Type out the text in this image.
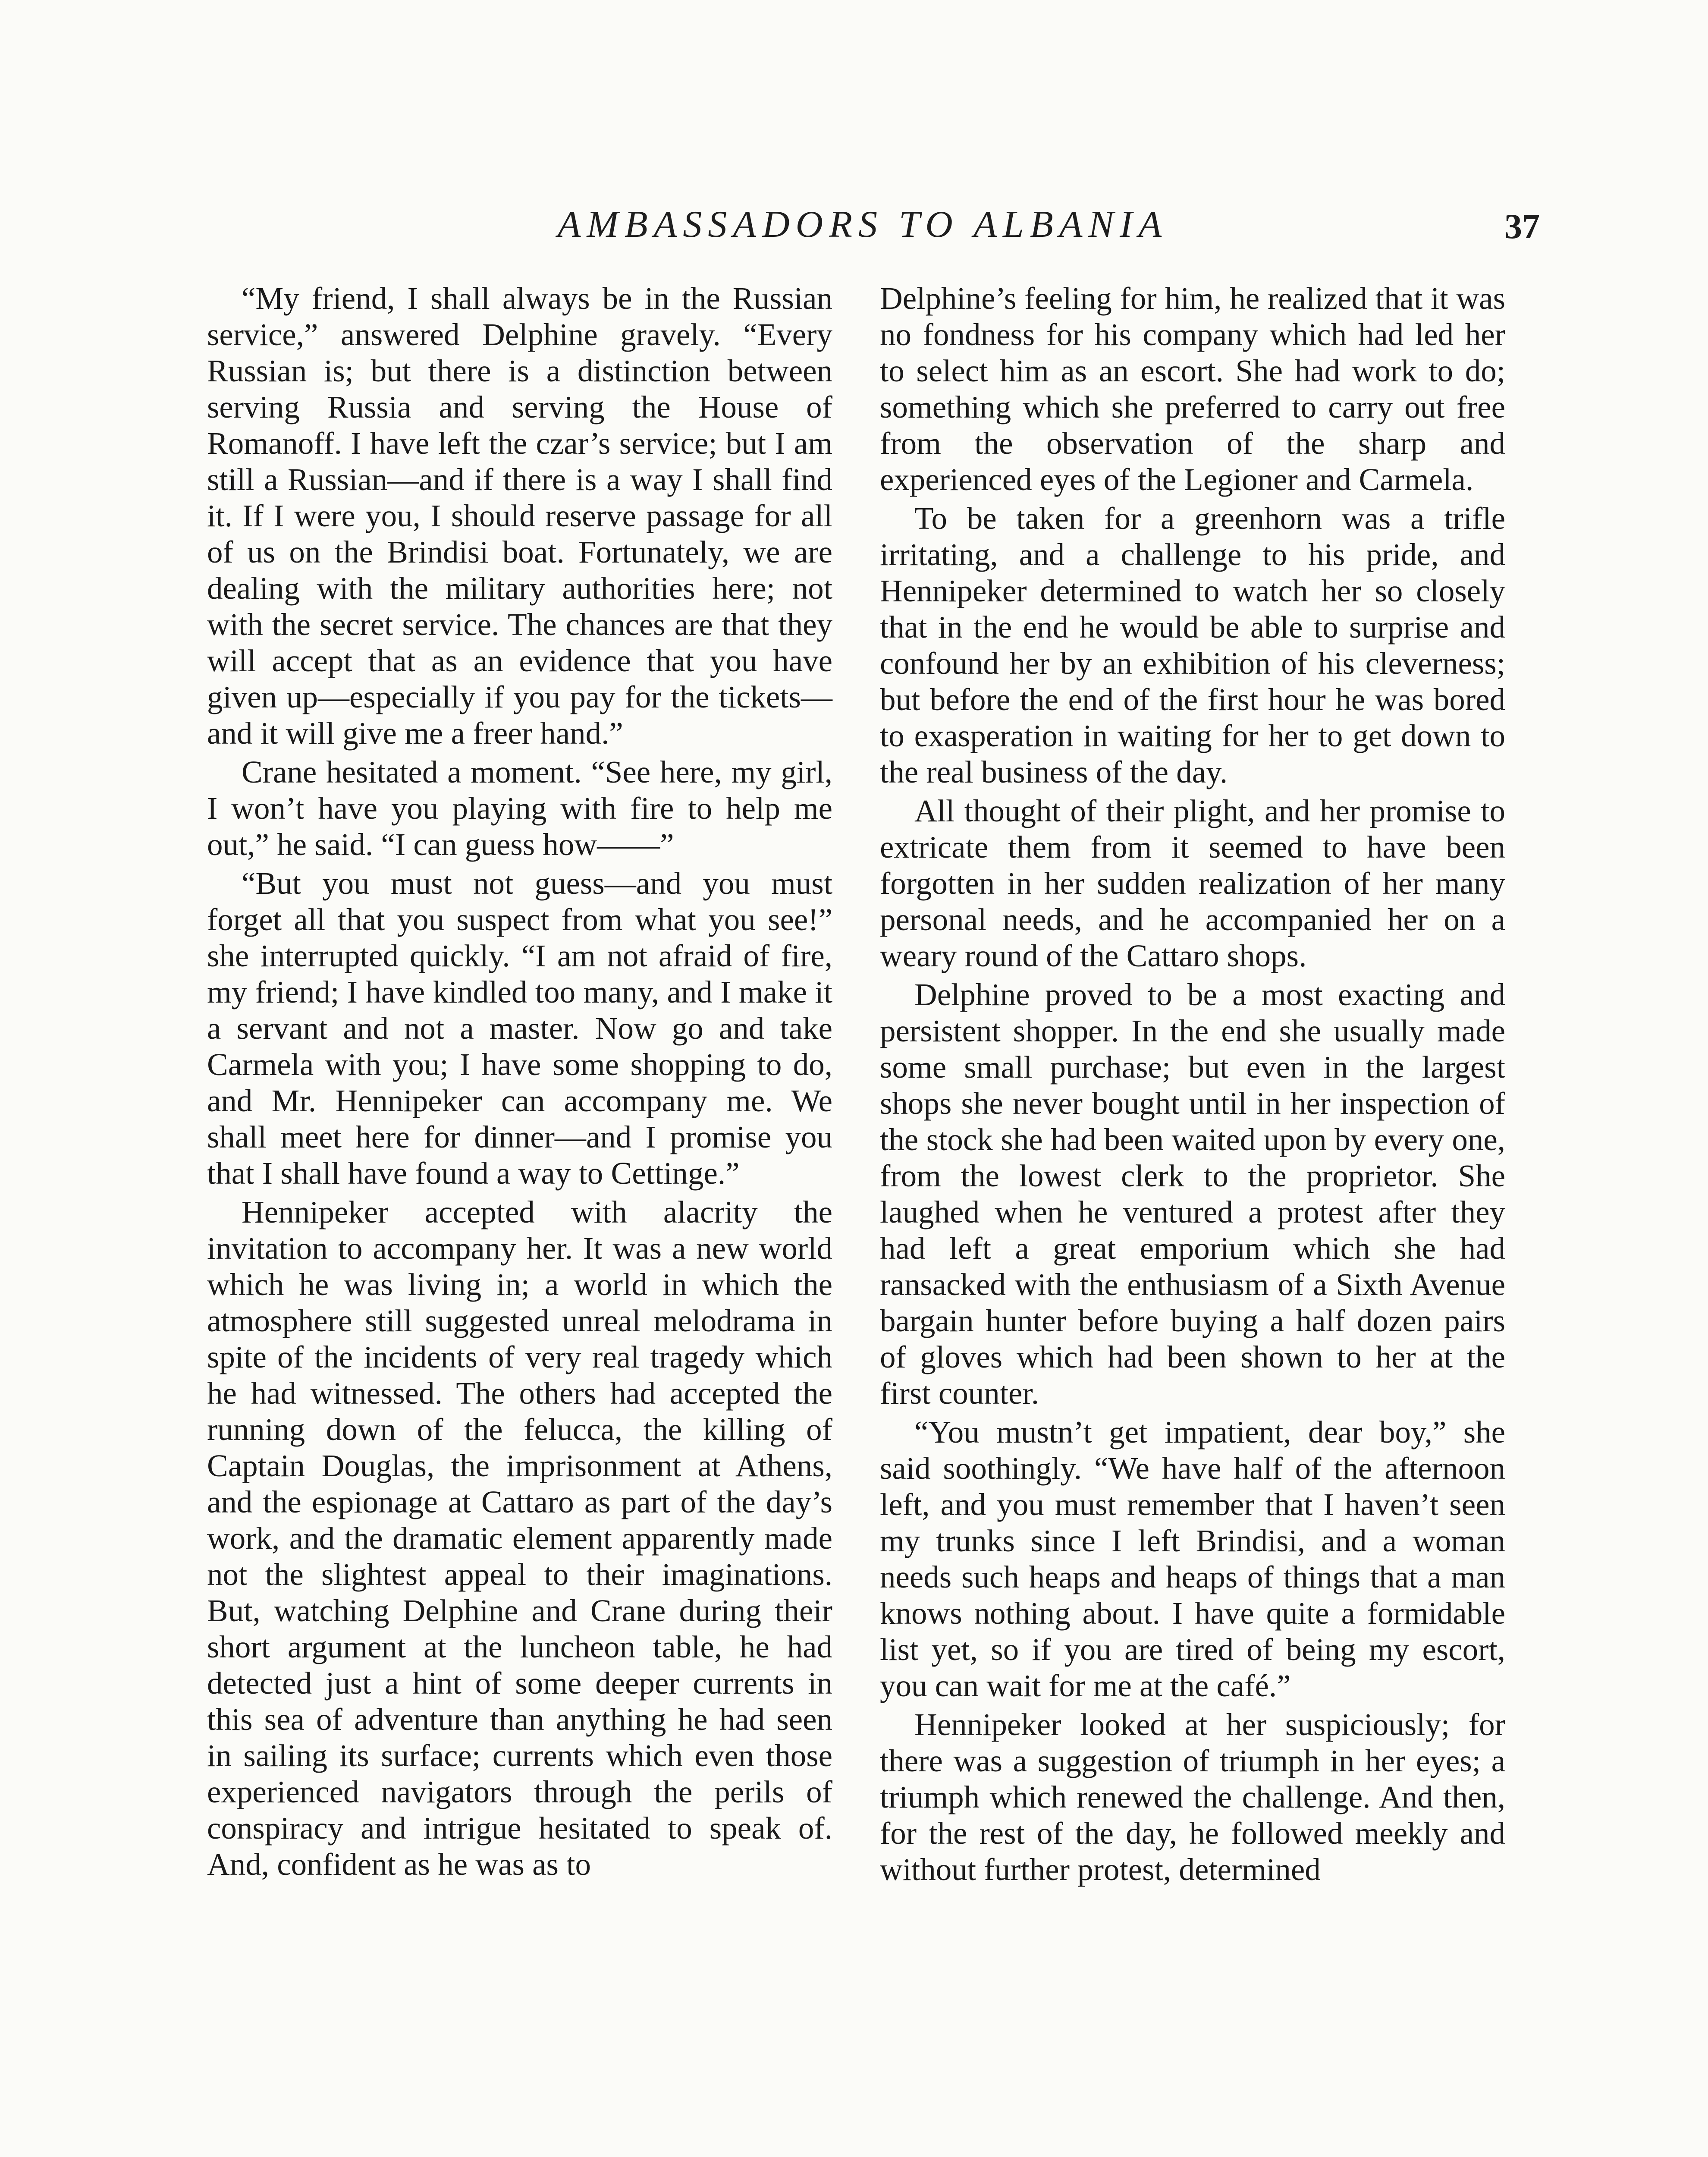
AMBASSADORS TO ALBANIA	37

“My friend, I shall always be in the Russian service,” answered Delphine gravely. “Every Russian is; but there is a distinction between serving Russia and serving the House of Romanoff. I have left the czar’s service; but I am still a Russian—and if there is a way I shall find it. If I were you, I should reserve passage for all of us on the Brindisi boat. Fortunately, we are dealing with the military authorities here; not with the secret service. The chances are that they will accept that as an evidence that you have given up—especially if you pay for the tickets—and it will give me a freer hand.”

Crane hesitated a moment. “See here, my girl, I won’t have you playing with fire to help me out,” he said. “I can guess how——”

“But you must not guess—and you must forget all that you suspect from what you see!” she interrupted quickly. “I am not afraid of fire, my friend; I have kindled too many, and I make it a servant and not a master. Now go and take Carmela with you; I have some shopping to do, and Mr. Hennipeker can accompany me. We shall meet here for dinner—and I promise you that I shall have found a way to Cettinge.”

Hennipeker accepted with alacrity the invitation to accompany her. It was a new world which he was living in; a world in which the atmosphere still suggested unreal melodrama in spite of the incidents of very real tragedy which he had witnessed. The others had accepted the running down of the felucca, the killing of Captain Douglas, the imprisonment at Athens, and the espionage at Cattaro as part of the day’s work, and the dramatic element apparently made not the slightest appeal to their imaginations. But, watching Delphine and Crane during their short argument at the luncheon table, he had detected just a hint of some deeper currents in this sea of adventure than anything he had seen in sailing its surface; currents which even those experienced navigators through the perils of conspiracy and intrigue hesitated to speak of. And, confident as he was as to

Delphine’s feeling for him, he realized that it was no fondness for his company which had led her to select him as an escort. She had work to do; something which she preferred to carry out free from the observation of the sharp and experienced eyes of the Legioner and Carmela.

To be taken for a greenhorn was a trifle irritating, and a challenge to his pride, and Hennipeker determined to watch her so closely that in the end he would be able to surprise and confound her by an exhibition of his cleverness; but before the end of the first hour he was bored to exasperation in waiting for her to get down to the real business of the day.

All thought of their plight, and her promise to extricate them from it seemed to have been forgotten in her sudden realization of her many personal needs, and he accompanied her on a weary round of the Cattaro shops.

Delphine proved to be a most exacting and persistent shopper. In the end she usually made some small purchase; but even in the largest shops she never bought until in her inspection of the stock she had been waited upon by every one, from the lowest clerk to the proprietor. She laughed when he ventured a protest after they had left a great emporium which she had ransacked with the enthusiasm of a Sixth Avenue bargain hunter before buying a half dozen pairs of gloves which had been shown to her at the first counter.

“You mustn’t get impatient, dear boy,” she said soothingly. “We have half of the afternoon left, and you must remember that I haven’t seen my trunks since I left Brindisi, and a woman needs such heaps and heaps of things that a man knows nothing about. I have quite a formidable list yet, so if you are tired of being my escort, you can wait for me at the café.”

Hennipeker looked at her suspiciously; for there was a suggestion of triumph in her eyes; a triumph which renewed the challenge. And then, for the rest of the day, he followed meekly and without further protest, determined
